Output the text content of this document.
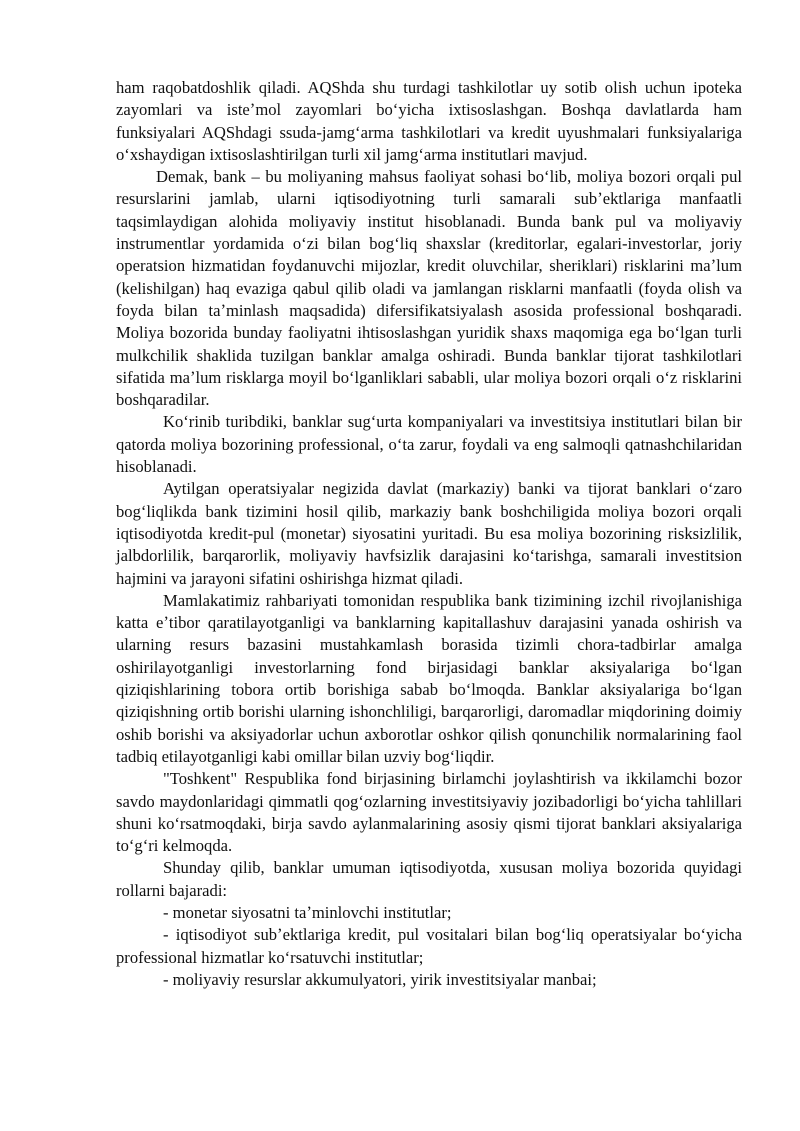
ham raqobatdoshlik qiladi. AQShda shu turdagi tashkilotlar uy sotib olish uchun ipoteka zayomlari va isteʼmol zayomlari boʻyicha ixtisoslashgan. Boshqa davlatlarda ham funksiyalari AQShdagi ssuda-jamgʻarma tashkilotlari va kredit uyushmalari funksiyalariga oʻxshaydigan ixtisoslashtirilgan turli xil jamgʻarma institutlari mavjud.

Demak, bank – bu moliyaning mahsus faoliyat sohasi boʻlib, moliya bozori orqali pul resurslarini jamlab, ularni iqtisodiyotning turli samarali subʼektlariga manfaatli taqsimlaydigan alohida moliyaviy institut hisoblanadi. Bunda bank pul va moliyaviy instrumentlar yordamida oʻzi bilan bogʻliq shaxslar (kreditorlar, egalari-investorlar, joriy operatsion hizmatidan foydanuvchi mijozlar, kredit oluvchilar, sheriklari) risklarini maʼlum (kelishilgan) haq evaziga qabul qilib oladi va jamlangan risklarni manfaatli (foyda olish va foyda bilan taʼminlash maqsadida) difersifikatsiyalash asosida professional boshqaradi. Moliya bozorida bunday faoliyatni ihtisoslashgan yuridik shaxs maqomiga ega boʻlgan turli mulkchilik shaklida tuzilgan banklar amalga oshiradi. Bunda banklar tijorat tashkilotlari sifatida maʼlum risklarga moyil boʻlganliklari sababli, ular moliya bozori orqali oʻz risklarini boshqaradilar.

Koʻrinib turibdiki, banklar sugʻurta kompaniyalari va investitsiya institutlari bilan bir qatorda moliya bozorining professional, oʻta zarur, foydali va eng salmoqli qatnashchilaridan hisoblanadi.

Aytilgan operatsiyalar negizida davlat (markaziy) banki va tijorat banklari oʻzaro bogʻliqlikda bank tizimini hosil qilib, markaziy bank boshchiligida moliya bozori orqali iqtisodiyotda kredit-pul (monetar) siyosatini yuritadi. Bu esa moliya bozorining risksizlilik, jalbdorlilik, barqarorlik, moliyaviy havfsizlik darajasini koʻtarishga, samarali investitsion hajmini va jarayoni sifatini oshirishga hizmat qiladi.

Mamlakatimiz rahbariyati tomonidan respublika bank tizimining izchil rivojlanishiga katta eʼtibor qaratilayotganligi va banklarning kapitallashuv darajasini yanada oshirish va ularning resurs bazasini mustahkamlash borasida tizimli chora-tadbirlar amalga oshirilayotganligi investorlarning fond birjasidagi banklar aksiyalariga boʻlgan qiziqishlarining tobora ortib borishiga sabab boʻlmoqda. Banklar aksiyalariga boʻlgan qiziqishning ortib borishi ularning ishonchliligi, barqarorligi, daromadlar miqdorining doimiy oshib borishi va aksiyadorlar uchun axborotlar oshkor qilish qonunchilik normalarining faol tadbiq etilayotganligi kabi omillar bilan uzviy bogʻliqdir.

"Toshkent" Respublika fond birjasining birlamchi joylashtirish va ikkilamchi bozor savdo maydonlaridagi qimmatli qogʻozlarning investitsiyaviy jozibadorligi boʻyicha tahlillari shuni koʻrsatmoqdaki, birja savdo aylanmalarining asosiy qismi tijorat banklari aksiyalariga toʻgʻri kelmoqda.

Shunday qilib, banklar umuman iqtisodiyotda, xususan moliya bozorida quyidagi rollarni bajaradi:

- monetar siyosatni taʼminlovchi institutlar;

- iqtisodiyot subʼektlariga kredit, pul vositalari bilan bogʻliq operatsiyalar boʻyicha professional hizmatlar koʻrsatuvchi institutlar;

- moliyaviy resurslar akkumulyatori, yirik investitsiyalar manbai;
